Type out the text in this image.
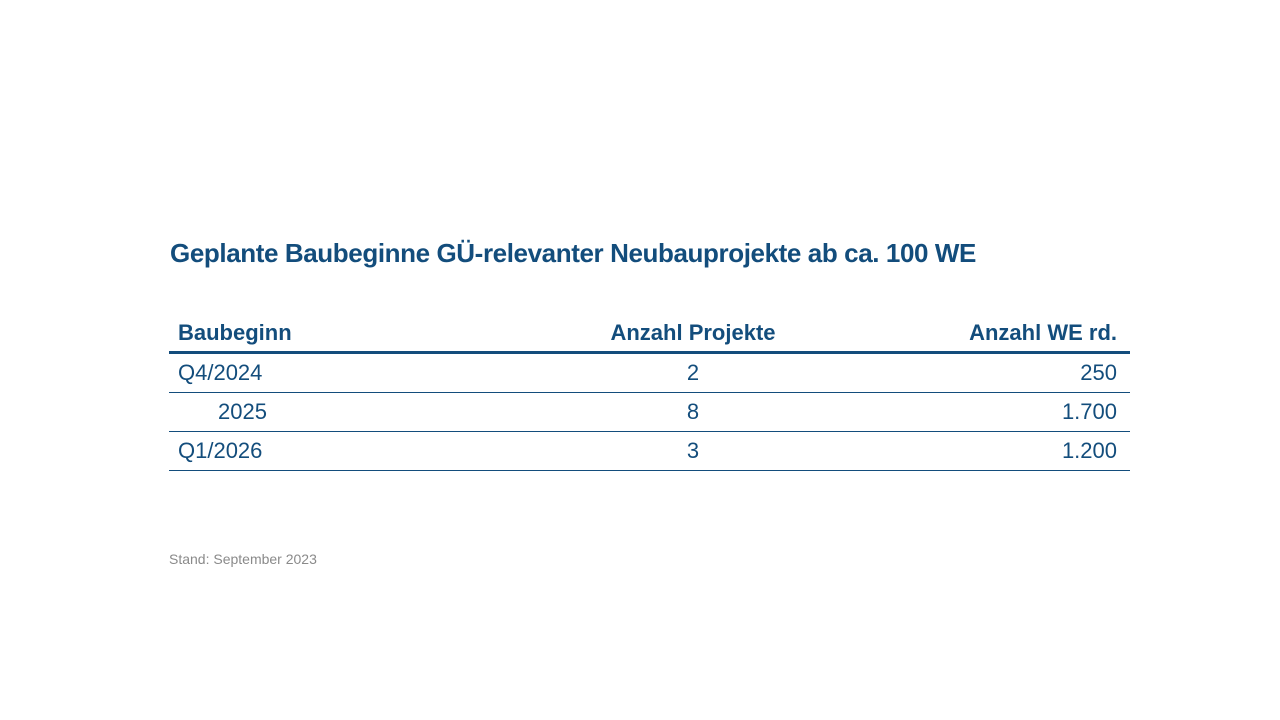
Geplante Baubeginne GÜ-relevanter Neubauprojekte ab ca. 100 WE
Baubeginn	Anzahl Projekte	Anzahl WE rd.
Q4/2024	2	250
2025	8	1.700
Q1/2026	3	1.200

Stand: September 2023
